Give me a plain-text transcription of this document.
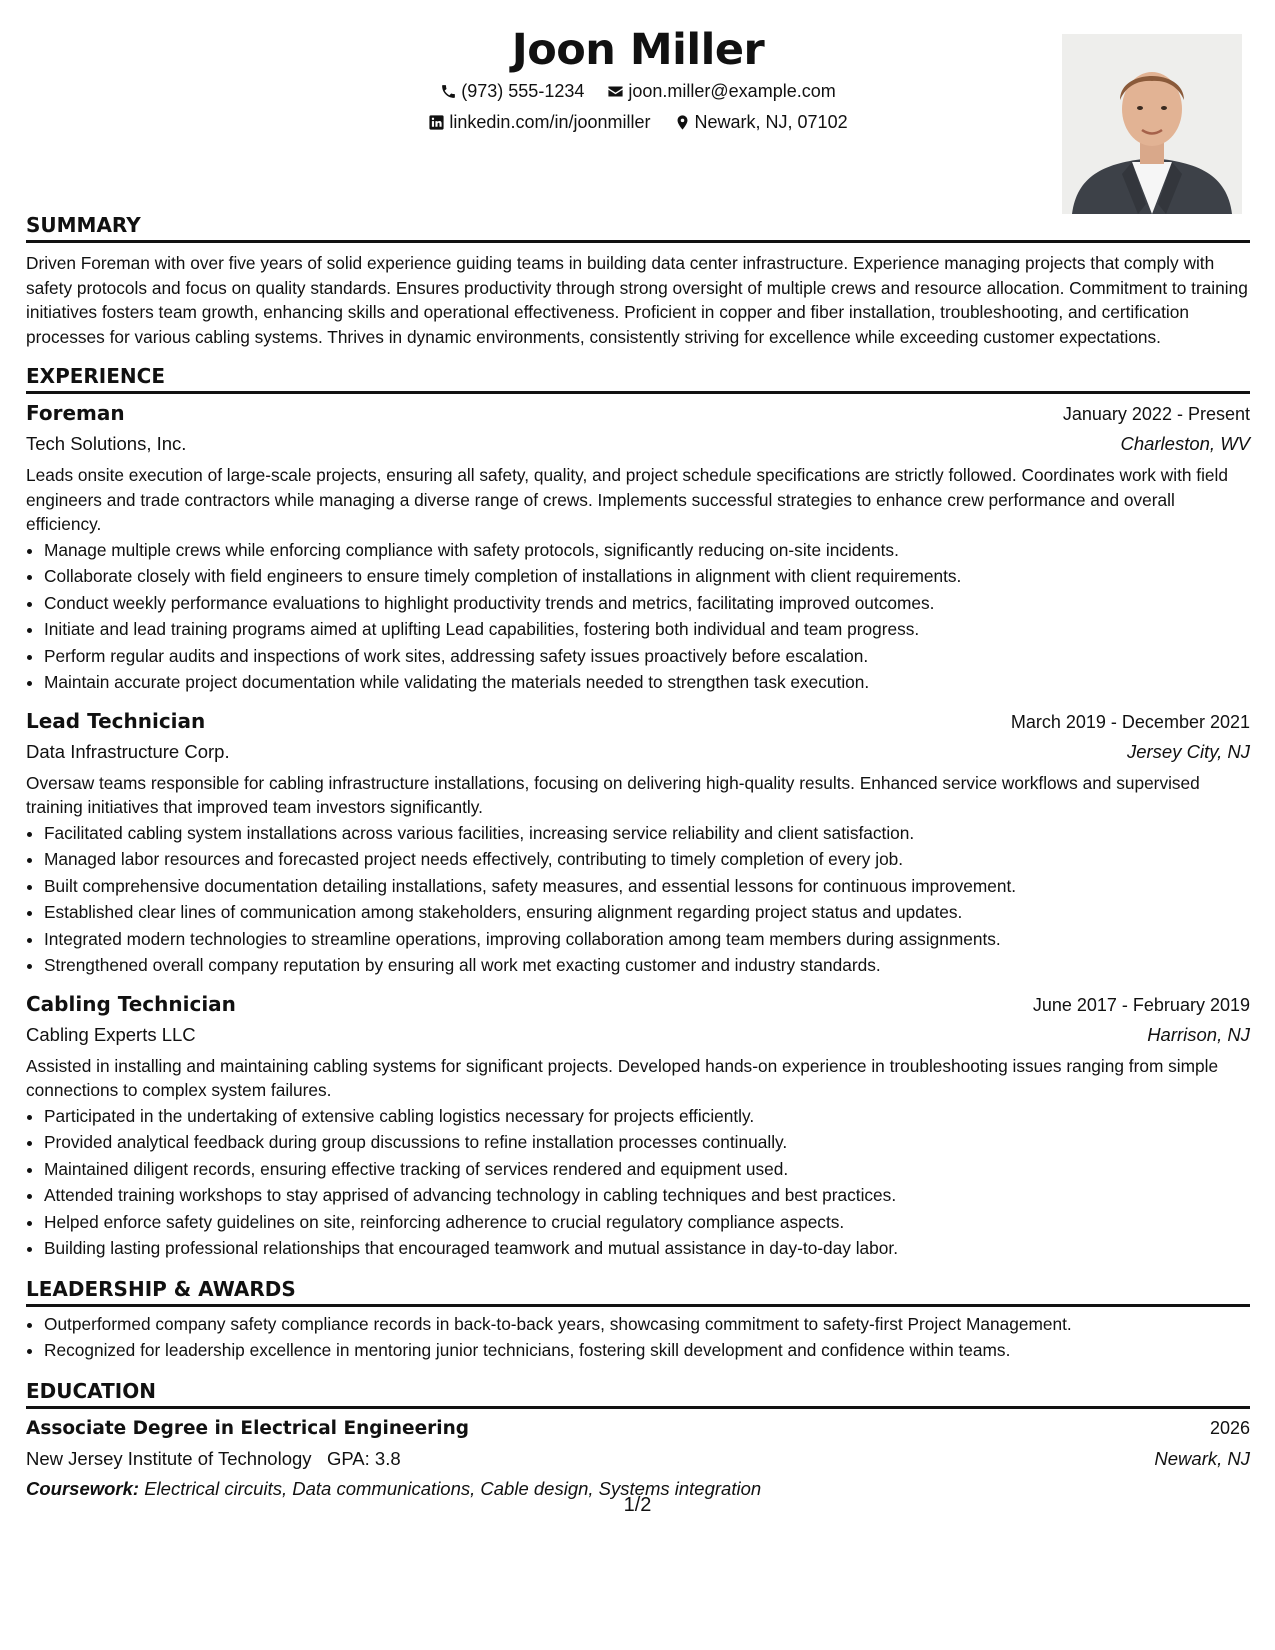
Joon Miller
(973) 555-1234
joon.miller@example.com
linkedin.com/in/joonmiller
Newark, NJ, 07102
SUMMARY

Driven Foreman with over five years of solid experience guiding teams in building data center infrastructure. Experience managing projects that comply with safety protocols and focus on quality standards. Ensures productivity through strong oversight of multiple crews and resource allocation. Commitment to training initiatives fosters team growth, enhancing skills and operational effectiveness. Proficient in copper and fiber installation, troubleshooting, and certification processes for various cabling systems. Thrives in dynamic environments, consistently striving for excellence while exceeding customer expectations.

EXPERIENCE
Foreman	January 2022 - Present
Tech Solutions, Inc.	Charleston, WV

Leads onsite execution of large-scale projects, ensuring all safety, quality, and project schedule specifications are strictly followed. Coordinates work with field engineers and trade contractors while managing a diverse range of crews. Implements successful strategies to enhance crew performance and overall efficiency.

• Manage multiple crews while enforcing compliance with safety protocols, significantly reducing on-site incidents.
• Collaborate closely with field engineers to ensure timely completion of installations in alignment with client requirements.
• Conduct weekly performance evaluations to highlight productivity trends and metrics, facilitating improved outcomes.
• Initiate and lead training programs aimed at uplifting Lead capabilities, fostering both individual and team progress.
• Perform regular audits and inspections of work sites, addressing safety issues proactively before escalation.
• Maintain accurate project documentation while validating the materials needed to strengthen task execution.
Lead Technician	March 2019 - December 2021
Data Infrastructure Corp.	Jersey City, NJ

Oversaw teams responsible for cabling infrastructure installations, focusing on delivering high-quality results. Enhanced service workflows and supervised training initiatives that improved team investors significantly.

• Facilitated cabling system installations across various facilities, increasing service reliability and client satisfaction.
• Managed labor resources and forecasted project needs effectively, contributing to timely completion of every job.
• Built comprehensive documentation detailing installations, safety measures, and essential lessons for continuous improvement.
• Established clear lines of communication among stakeholders, ensuring alignment regarding project status and updates.
• Integrated modern technologies to streamline operations, improving collaboration among team members during assignments.
• Strengthened overall company reputation by ensuring all work met exacting customer and industry standards.
Cabling Technician	June 2017 - February 2019
Cabling Experts LLC	Harrison, NJ

Assisted in installing and maintaining cabling systems for significant projects. Developed hands-on experience in troubleshooting issues ranging from simple connections to complex system failures.

• Participated in the undertaking of extensive cabling logistics necessary for projects efficiently.
• Provided analytical feedback during group discussions to refine installation processes continually.
• Maintained diligent records, ensuring effective tracking of services rendered and equipment used.
• Attended training workshops to stay apprised of advancing technology in cabling techniques and best practices.
• Helped enforce safety guidelines on site, reinforcing adherence to crucial regulatory compliance aspects.
• Building lasting professional relationships that encouraged teamwork and mutual assistance in day-to-day labor.
LEADERSHIP & AWARDS
• Outperformed company safety compliance records in back-to-back years, showcasing commitment to safety-first Project Management.
• Recognized for leadership excellence in mentoring junior technicians, fostering skill development and confidence within teams.
EDUCATION
Associate Degree in Electrical Engineering	2026
New Jersey Institute of Technology GPA: 3.8	Newark, NJ
Coursework: Electrical circuits, Data communications, Cable design, Systems integration
1/2
